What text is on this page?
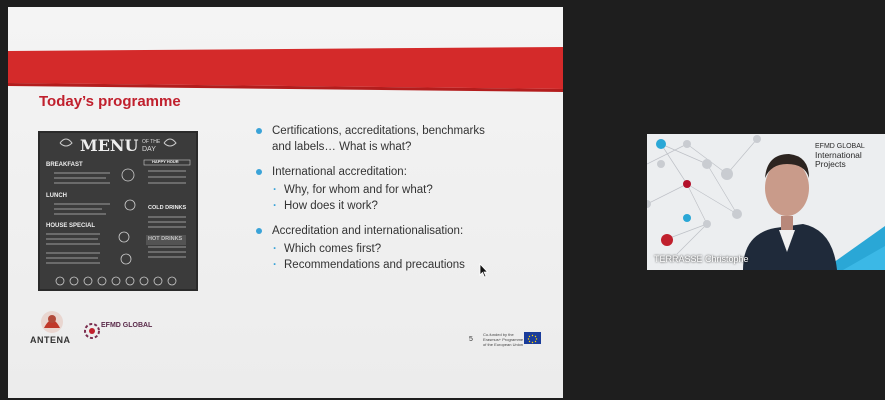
Today’s programme
MENU OF THE
DAY
BREAKFAST
LUNCH
HOUSE SPECIAL
COLD DRINKS
HOT DRINKS
HAPPY HOUR
Certifications, accreditations, benchmarks and labels… What is what?
International accreditation:
· Why, for whom and for what?
· How does it work?
Accreditation and internationalisation:
· Which comes first?
· Recommendations and precautions
ANTENA
EFMD GLOBAL
5
Co-funded by the Erasmus+ Programme of the European Union
EFMD GLOBAL
International
Projects
TERRASSE Christophe
